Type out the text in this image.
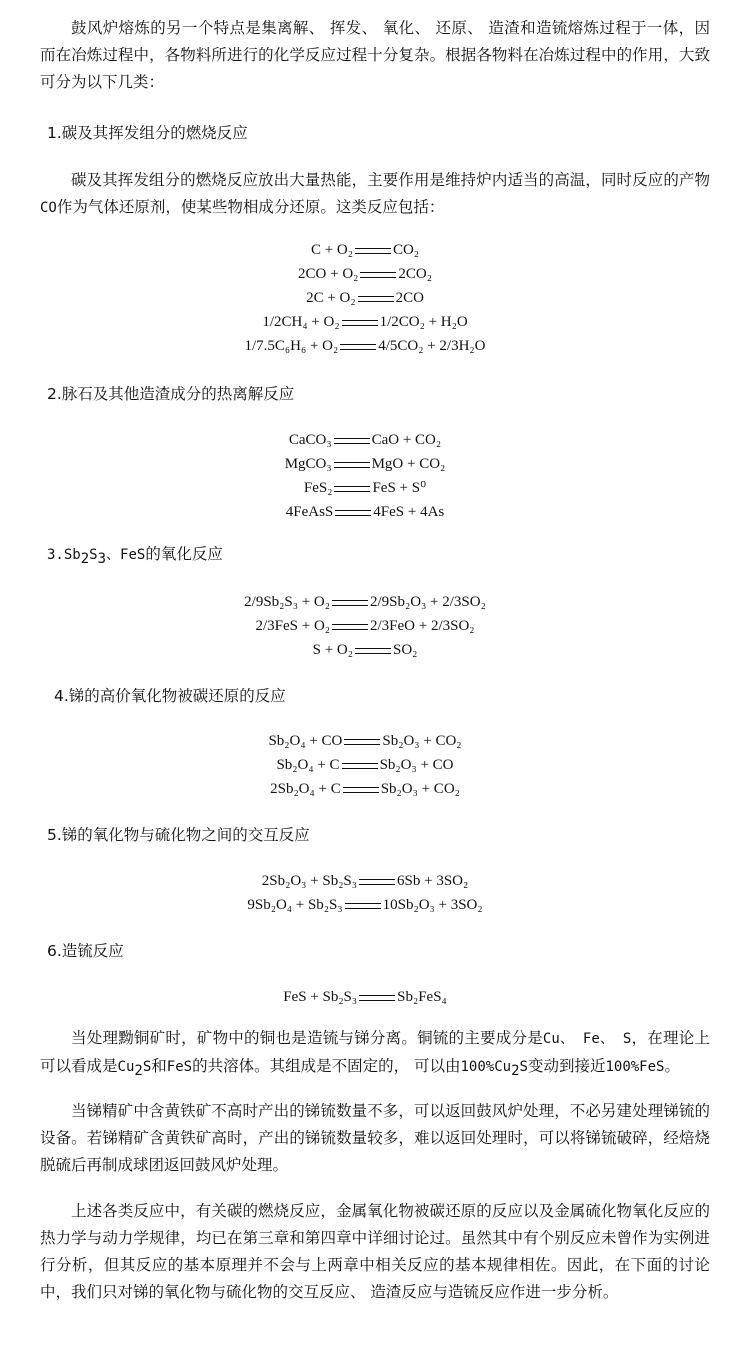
鼓风炉熔炼的另一个特点是集离解、 挥发、 氧化、 还原、 造渣和造锍熔炼过程于一体，因而在冶炼过程中，各物料所进行的化学反应过程十分复杂。根据各物料在冶炼过程中的作用，大致可分为以下几类：
1.碳及其挥发组分的燃烧反应
碳及其挥发组分的燃烧反应放出大量热能，主要作用是维持炉内适当的高温，同时反应的产物CO作为气体还原剂，使某些物相成分还原。这类反应包括：
C + O₂	CO₂
2CO + O₂	2CO₂
2C + O₂	2CO
1/2CH₄ + O₂	1/2CO₂ + H₂O
1/7.5C₆H₆ + O₂	4/5CO₂ + 2/3H₂O
2.脉石及其他造渣成分的热离解反应
CaCO₃	CaO + CO₂
MgCO₃	MgO + CO₂
FeS₂	FeS + S⁰
4FeAsS	4FeS + 4As
$3.Sb_2S_3$、FeS的氧化反应
2/9Sb₂S₃ + O₂	2/9Sb₂O₃ + 2/3SO₂
2/3FeS + O₂	2/3FeO + 2/3SO₂
S + O₂	SO₂
4.锑的高价氧化物被碳还原的反应
Sb₂O₄ + CO	Sb₂O₃ + CO₂
Sb₂O₄ + C	Sb₂O₃ + CO
2Sb₂O₄ + C	Sb₂O₃ + CO₂
5.锑的氧化物与硫化物之间的交互反应
2Sb₂O₃ + Sb₂S₃	6Sb + 3SO₂
9Sb₂O₄ + Sb₂S₃	10Sb₂O₃ + 3SO₂
6.造锍反应
FeS + Sb₂S₃	Sb₂FeS₄
当处理黝铜矿时，矿物中的铜也是造锍与锑分离。铜锍的主要成分是Cu、 Fe、 S，在理论上可以看成是$Cu_2S$和FeS的共溶体。其组成是不固定的， 可以由$100\%Cu_2S$变动到接近100%FeS。
当锑精矿中含黄铁矿不高时产出的锑锍数量不多，可以返回鼓风炉处理，不必另建处理锑锍的设备。若锑精矿含黄铁矿高时，产出的锑锍数量较多，难以返回处理时，可以将锑锍破碎，经焙烧脱硫后再制成球团返回鼓风炉处理。
上述各类反应中，有关碳的燃烧反应，金属氧化物被碳还原的反应以及金属硫化物氧化反应的热力学与动力学规律，均已在第三章和第四章中详细讨论过。虽然其中有个别反应未曾作为实例进行分析，但其反应的基本原理并不会与上两章中相关反应的基本规律相佐。因此，在下面的讨论中，我们只对锑的氧化物与硫化物的交互反应、 造渣反应与造锍反应作进一步分析。
